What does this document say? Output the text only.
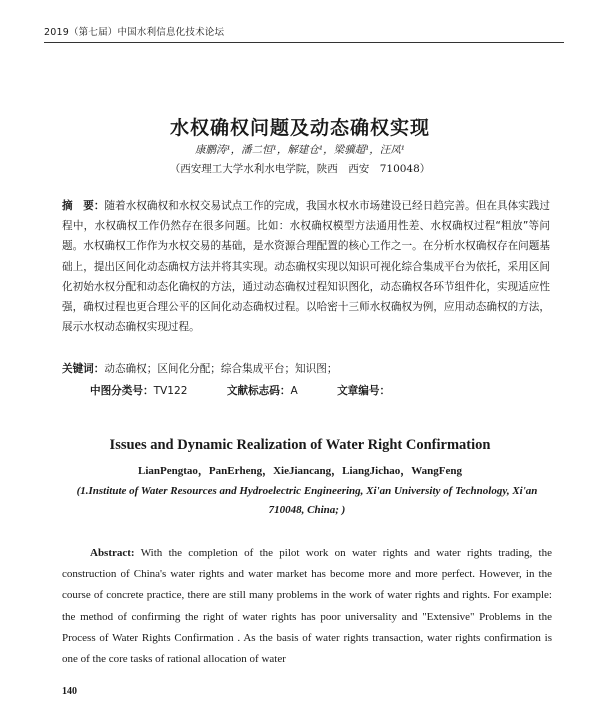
2019（第七届）中国水利信息化技术论坛
水权确权问题及动态确权实现
康鹏涛¹，潘二恒¹，解建仓¹，梁骥超¹，汪凤¹
（西安理工大学水利水电学院，陕西　西安　710048）
摘　要：随着水权确权和水权交易试点工作的完成，我国水权水市场建设已经日趋完善。但在具体实践过程中，水权确权工作仍然存在很多问题。比如：水权确权模型方法通用性差、水权确权过程“粗放”等问题。水权确权工作作为水权交易的基础，是水资源合理配置的核心工作之一。在分析水权确权存在问题基础上，提出区间化动态确权方法并将其实现。动态确权实现以知识可视化综合集成平台为依托，采用区间化初始水权分配和动态化确权的方法，通过动态确权过程知识图化，动态确权各环节组件化，实现适应性强，确权过程也更合理公平的区间化动态确权过程。以哈密十三师水权确权为例，应用动态确权的方法，展示水权动态确权实现过程。
关键词：动态确权；区间化分配；综合集成平台；知识图；
中图分类号：TV122	文献标志码：A	文章编号：
Issues and Dynamic Realization of Water Right Confirmation
LianPengtao，PanErheng，XieJiancang，LiangJichao，WangFeng
(1.Institute of Water Resources and Hydroelectric Engineering, Xi'an University of Technology, Xi'an 710048, China; )
Abstract: With the completion of the pilot work on water rights and water rights trading, the construction of China's water rights and water market has become more and more perfect. However, in the course of concrete practice, there are still many problems in the work of water rights and rights. For example: the method of confirming the right of water rights has poor universality and "Extensive" Problems in the Process of Water Rights Confirmation . As the basis of water rights transaction, water rights confirmation is one of the core tasks of rational allocation of water
140
